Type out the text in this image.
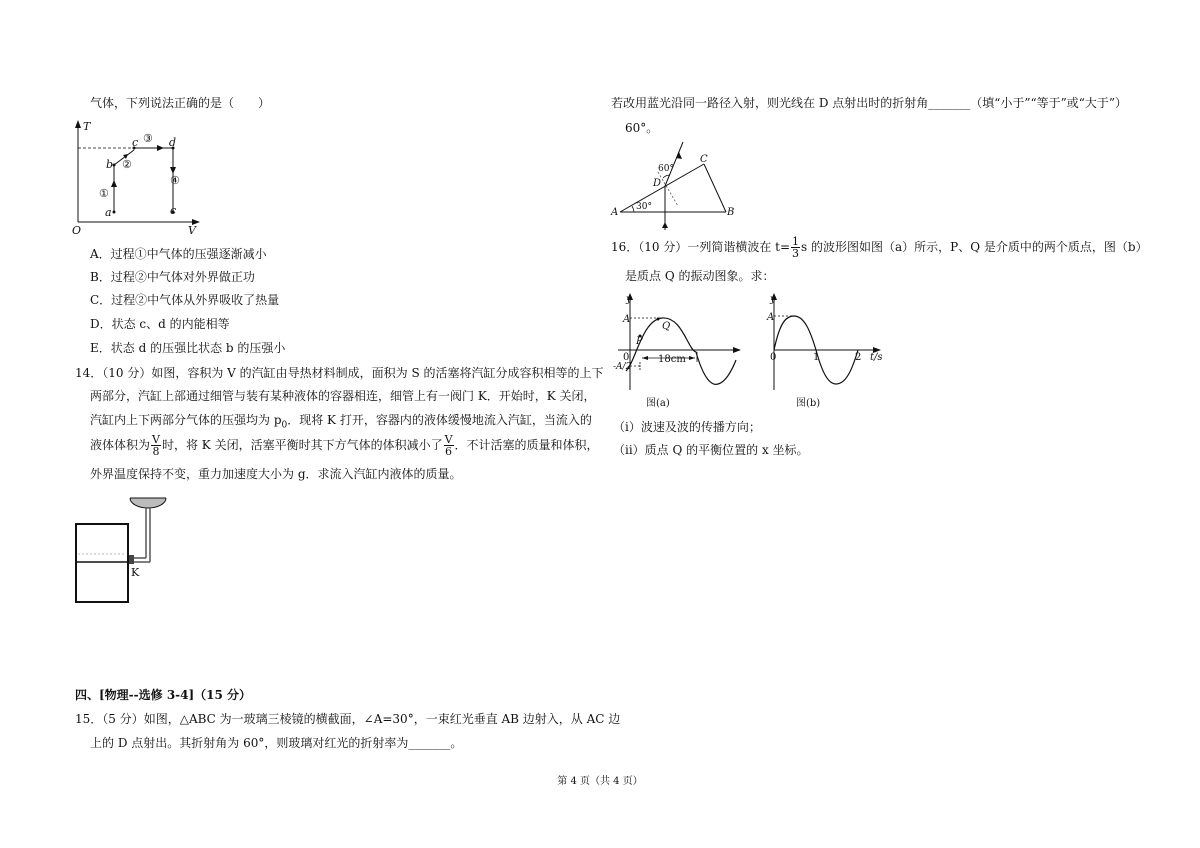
气体，下列说法正确的是（　　）
T
V
O
a
b
c	d
c
①
②
③
④
A．过程①中气体的压强逐渐减小
B．过程②中气体对外界做正功
C．过程②中气体从外界吸收了热量
D．状态 c、d 的内能相等
E．状态 d 的压强比状态 b 的压强小
14．（10 分）如图，容积为 V 的汽缸由导热材料制成，面积为 S 的活塞将汽缸分成容积相等的上下
两部分，汽缸上部通过细管与装有某种液体的容器相连，细管上有一阀门 K．开始时，K 关闭，
汽缸内上下两部分气体的压强均为 $p_0$．现将 K 打开，容器内的液体缓慢地流入汽缸，当流入的
液体体积为 $\frac{V}{8}$ 时，将 K 关闭，活塞平衡时其下方气体的体积减小了 $\frac{V}{6}$ ．不计活塞的质量和体积，
外界温度保持不变，重力加速度大小为 g．求流入汽缸内液体的质量。
K
四、[物理--选修 3-4]（15 分）
15．（5 分）如图，△ABC 为一玻璃三棱镜的横截面，∠A=30°，一束红光垂直 AB 边射入，从 AC 边
上的 D 点射出。其折射角为 60°，则玻璃对红光的折射率为_______。
若改用蓝光沿同一路径入射，则光线在 D 点射出时的折射角_______（填“小于”“等于”或“大于”）
60°。
A	B
C
D
30°
60°
16．（10 分）一列简谐横波在 $t= \frac{1}{3}$ s 的波形图如图（a）所示，P、Q 是介质中的两个质点，图（b）
是质点 Q 的振动图象。求：
y
A
-A/2
0
P
Q
18cm
图(a)
y
A
0	1	2 t/s
图(b)
（i）波速及波的传播方向；
（ii）质点 Q 的平衡位置的 x 坐标。
第 4 页（共 4 页）
